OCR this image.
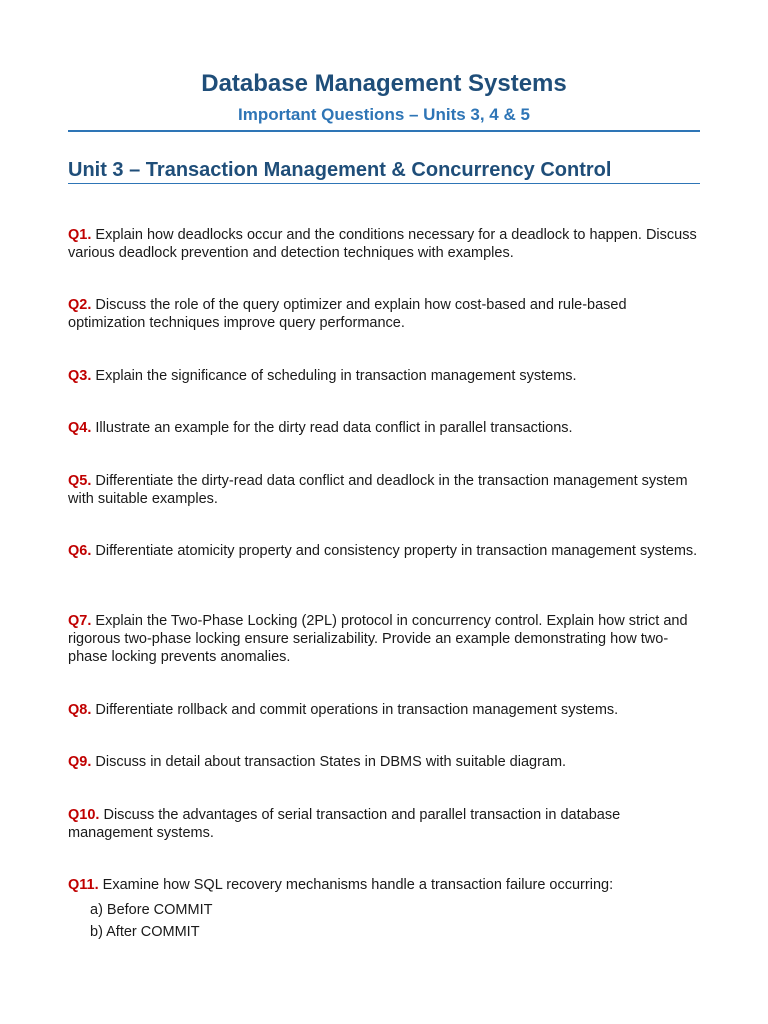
Database Management Systems
Important Questions – Units 3, 4 & 5
Unit 3 – Transaction Management & Concurrency Control
Q1. Explain how deadlocks occur and the conditions necessary for a deadlock to happen. Discuss various deadlock prevention and detection techniques with examples.
Q2. Discuss the role of the query optimizer and explain how cost-based and rule-based optimization techniques improve query performance.
Q3. Explain the significance of scheduling in transaction management systems.
Q4. Illustrate an example for the dirty read data conflict in parallel transactions.
Q5. Differentiate the dirty-read data conflict and deadlock in the transaction management system with suitable examples.
Q6. Differentiate atomicity property and consistency property in transaction management systems.
Q7. Explain the Two-Phase Locking (2PL) protocol in concurrency control. Explain how strict and rigorous two-phase locking ensure serializability. Provide an example demonstrating how two-phase locking prevents anomalies.
Q8. Differentiate rollback and commit operations in transaction management systems.
Q9. Discuss in detail about transaction States in DBMS with suitable diagram.
Q10. Discuss the advantages of serial transaction and parallel transaction in database management systems.
Q11. Examine how SQL recovery mechanisms handle a transaction failure occurring:
a) Before COMMIT
b) After COMMIT
